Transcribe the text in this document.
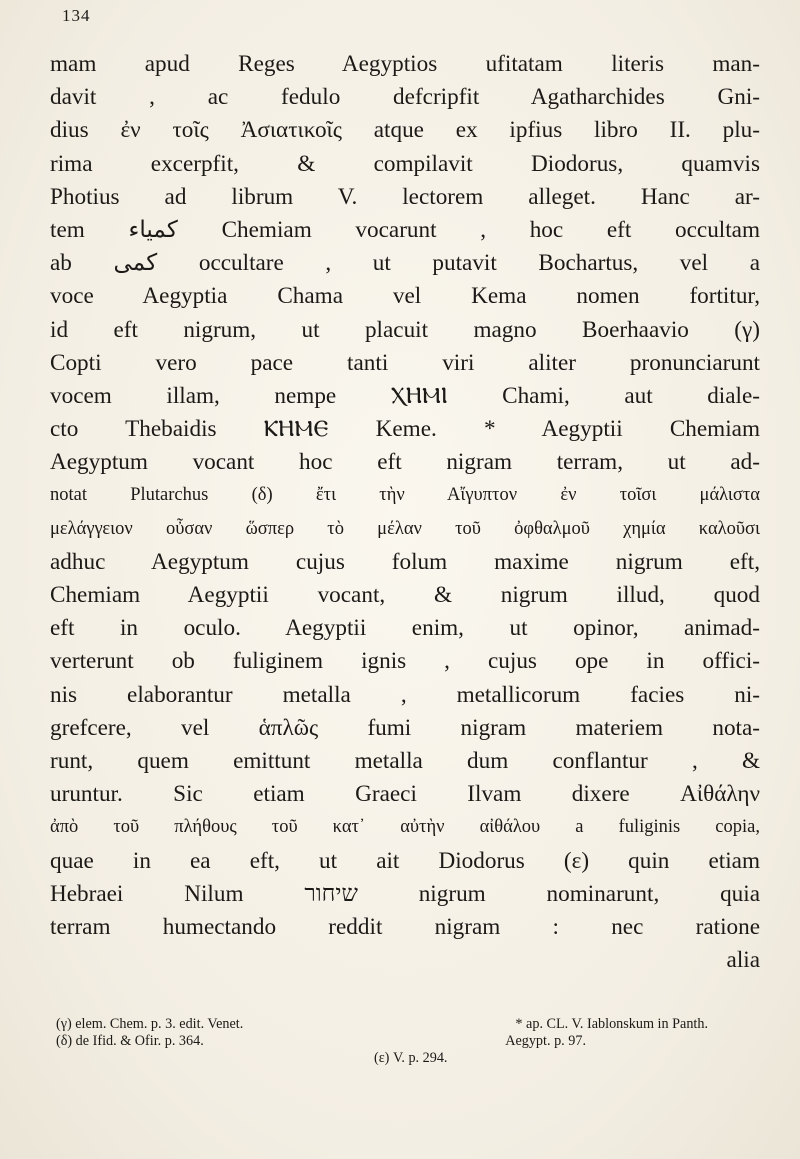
134
mam apud Reges Aegyptios ufitatam literis man-
davit , ac fedulo defcripfit Agatharchides Gni-
dius ἐν τοῖς Ἀσιατικοῖς atque ex ipfius libro II. plu-
rima excerpfit, & compilavit Diodorus, quamvis
Photius ad librum V. lectorem alleget. Hanc ar-
tem كمياء Chemiam vocarunt , hoc eft occultam
ab كمى occultare , ut putavit Bochartus, vel a
voce Aegyptia Chama vel Kema nomen fortitur,
id eft nigrum, ut placuit magno Boerhaavio (γ)
Copti vero pace tanti viri aliter pronunciarunt
vocem illam, nempe ⲬⲎⲘⲒ Chami, aut diale-
cto Thebaidis ⲔⲎⲘⲈ Keme. * Aegyptii Chemiam
Aegyptum vocant hoc eft nigram terram, ut ad-
notat Plutarchus (δ) ἔτι τὴν Αἴγυπτον ἐν τοῖσι μάλιστα
μελάγγειον οὖσαν ὥσπερ τὸ μέλαν τοῦ ὀφθαλμοῦ χημία καλοῦσι
adhuc Aegyptum cujus folum maxime nigrum eft,
Chemiam Aegyptii vocant, & nigrum illud, quod
eft in oculo. Aegyptii enim, ut opinor, animad-
verterunt ob fuliginem ignis , cujus ope in offici-
nis elaborantur metalla , metallicorum facies ni-
grefcere, vel ἁπλῶς fumi nigram materiem nota-
runt, quem emittunt metalla dum conflantur , &
uruntur. Sic etiam Graeci Ilvam dixere Αἰθάλην
ἀπὸ τοῦ πλήθους τοῦ κατ᾽ αὐτὴν αἰθάλου a fuliginis copia,
quae in ea eft, ut ait Diodorus (ε) quin etiam
Hebraei Nilum שיחור nigrum nominarunt, quia
terram humectando reddit nigram : nec ratione
alia
(γ) elem. Chem. p. 3. edit. Venet.	* ap. CL. V. Iablonskum in Panth.
(δ) de Ifid. & Ofir. p. 364.	Aegypt. p. 97.
(ε) V. p. 294.
